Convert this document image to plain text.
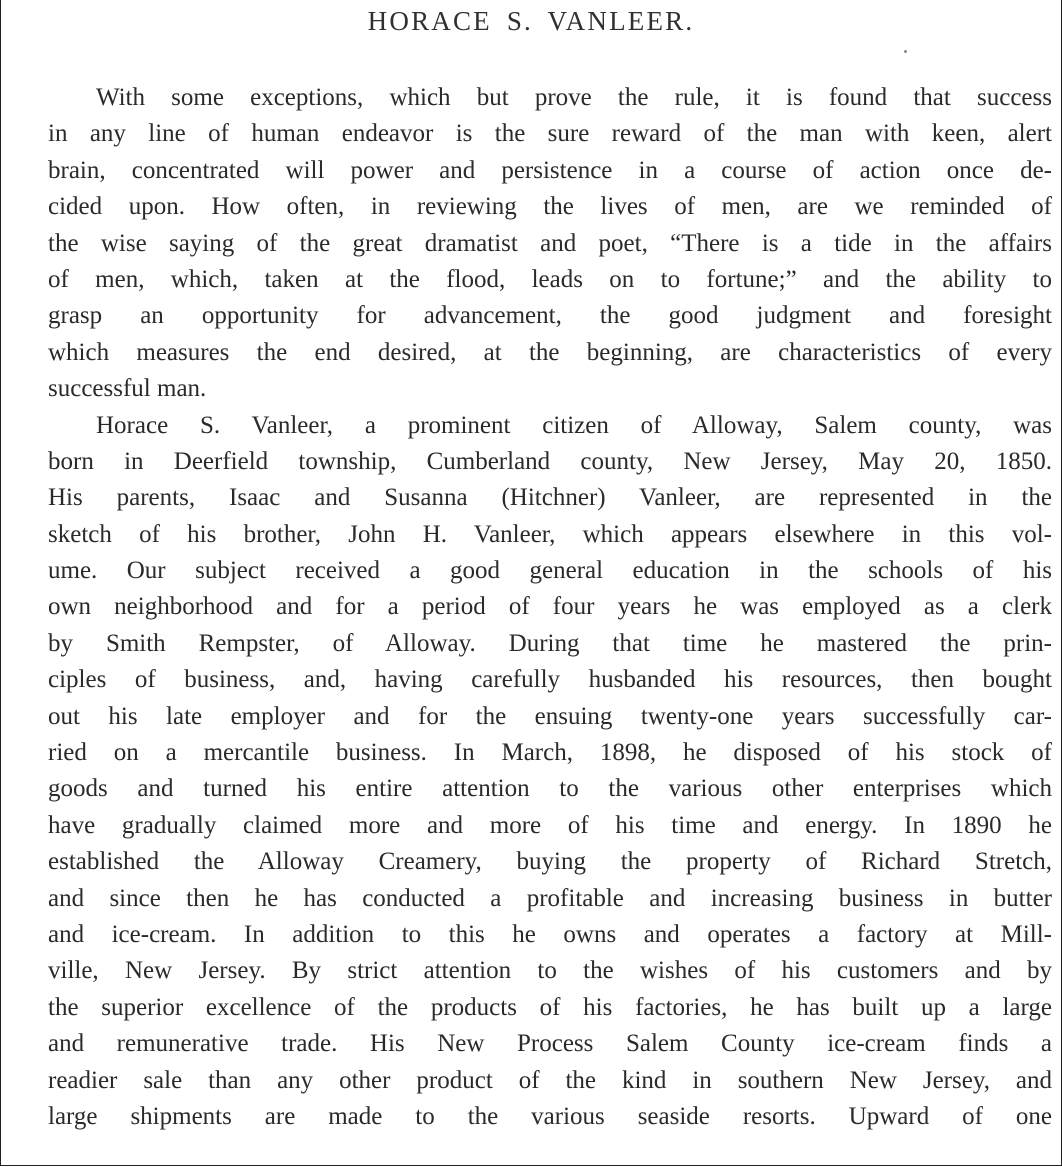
HORACE S. VANLEER.
With some exceptions, which but prove the rule, it is found that success
in any line of human endeavor is the sure reward of the man with keen, alert
brain, concentrated will power and persistence in a course of action once de-
cided upon. How often, in reviewing the lives of men, are we reminded of
the wise saying of the great dramatist and poet, “There is a tide in the affairs
of men, which, taken at the flood, leads on to fortune;” and the ability to
grasp an opportunity for advancement, the good judgment and foresight
which measures the end desired, at the beginning, are characteristics of every
successful man.
Horace S. Vanleer, a prominent citizen of Alloway, Salem county, was
born in Deerfield township, Cumberland county, New Jersey, May 20, 1850.
His parents, Isaac and Susanna (Hitchner) Vanleer, are represented in the
sketch of his brother, John H. Vanleer, which appears elsewhere in this vol-
ume. Our subject received a good general education in the schools of his
own neighborhood and for a period of four years he was employed as a clerk
by Smith Rempster, of Alloway. During that time he mastered the prin-
ciples of business, and, having carefully husbanded his resources, then bought
out his late employer and for the ensuing twenty-one years successfully car-
ried on a mercantile business. In March, 1898, he disposed of his stock of
goods and turned his entire attention to the various other enterprises which
have gradually claimed more and more of his time and energy. In 1890 he
established the Alloway Creamery, buying the property of Richard Stretch,
and since then he has conducted a profitable and increasing business in butter
and ice-cream. In addition to this he owns and operates a factory at Mill-
ville, New Jersey. By strict attention to the wishes of his customers and by
the superior excellence of the products of his factories, he has built up a large
and remunerative trade. His New Process Salem County ice-cream finds a
readier sale than any other product of the kind in southern New Jersey, and
large shipments are made to the various seaside resorts. Upward of one
